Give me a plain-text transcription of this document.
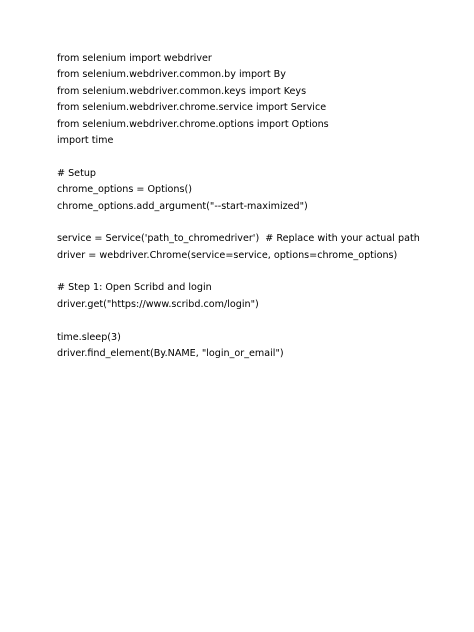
from selenium import webdriver
from selenium.webdriver.common.by import By
from selenium.webdriver.common.keys import Keys
from selenium.webdriver.chrome.service import Service
from selenium.webdriver.chrome.options import Options
import time
# Setup
chrome_options = Options()
chrome_options.add_argument("--start-maximized")
service = Service('path_to_chromedriver')  # Replace with your actual path
driver = webdriver.Chrome(service=service, options=chrome_options)
# Step 1: Open Scribd and login
driver.get("https://www.scribd.com/login")
time.sleep(3)
driver.find_element(By.NAME, "login_or_email")
